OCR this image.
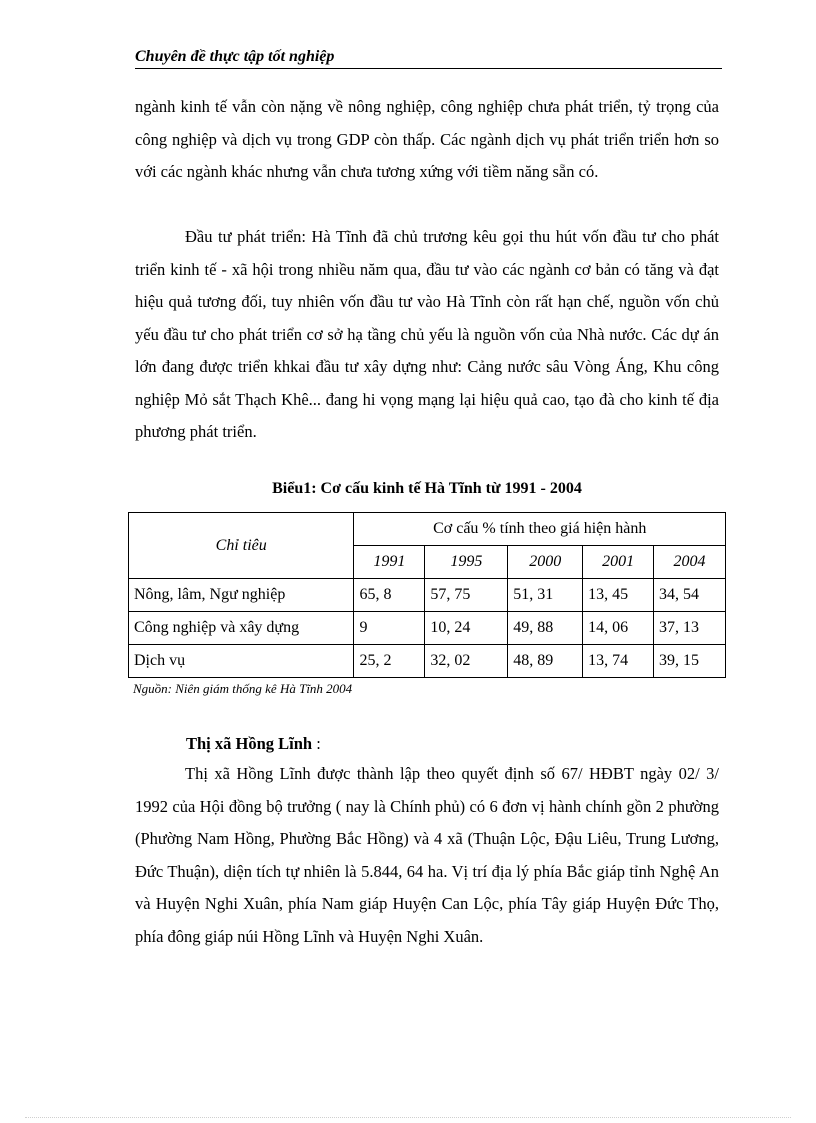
Chuyên đề thực tập tốt nghiệp
ngành kinh tế vẫn còn nặng về nông nghiệp, công nghiệp chưa phát triển, tỷ trọng của công nghiệp và dịch vụ trong GDP còn thấp. Các ngành dịch vụ phát triển triển hơn so với các ngành khác nhưng vẫn chưa tương xứng với tiềm năng sẵn có.
Đầu tư phát triển: Hà Tĩnh đã chủ trương kêu gọi thu hút vốn đầu tư cho phát triển kinh tế - xã hội trong nhiều năm qua, đầu tư vào các ngành cơ bản có tăng và đạt hiệu quả tương đối, tuy nhiên vốn đầu tư vào Hà Tĩnh còn rất hạn chế, nguồn vốn chủ yếu đầu tư cho phát triển cơ sở hạ tầng chủ yếu là nguồn vốn của Nhà nước. Các dự án lớn đang được triển khkai đầu tư xây dựng như: Cảng nước sâu Vòng Áng, Khu công nghiệp Mỏ sắt Thạch Khê... đang hi vọng mạng lại hiệu quả cao, tạo đà cho kinh tế địa phương phát triển.
Biểu1: Cơ cấu kinh tế Hà Tĩnh từ 1991 - 2004
Chỉ tiêu	Cơ cấu % tính theo giá hiện hành				
	1991	1995	2000	2001	2004
Nông, lâm, Ngư nghiệp	65, 8	57, 75	51, 31	13, 45	34, 54
Công nghiệp và xây dựng	9	10, 24	49, 88	14, 06	37, 13
Dịch vụ	25, 2	32, 02	48, 89	13, 74	39, 15
Nguồn: Niên giám thống kê Hà Tĩnh 2004
Thị xã Hồng Lĩnh :
Thị xã Hồng Lĩnh được thành lập theo quyết định số 67/ HĐBT ngày 02/ 3/ 1992 của Hội đồng bộ trưởng ( nay là Chính phủ) có 6 đơn vị hành chính gồn 2 phường (Phường Nam Hồng, Phường Bắc Hồng) và 4 xã (Thuận Lộc, Đậu Liêu, Trung Lương, Đức Thuận), diện tích tự nhiên là 5.844, 64 ha. Vị trí địa lý phía Bắc giáp tỉnh Nghệ An và Huyện Nghi Xuân, phía Nam giáp Huyện Can Lộc, phía Tây giáp Huyện Đức Thọ, phía đông giáp núi Hồng Lĩnh và Huyện Nghi Xuân.
